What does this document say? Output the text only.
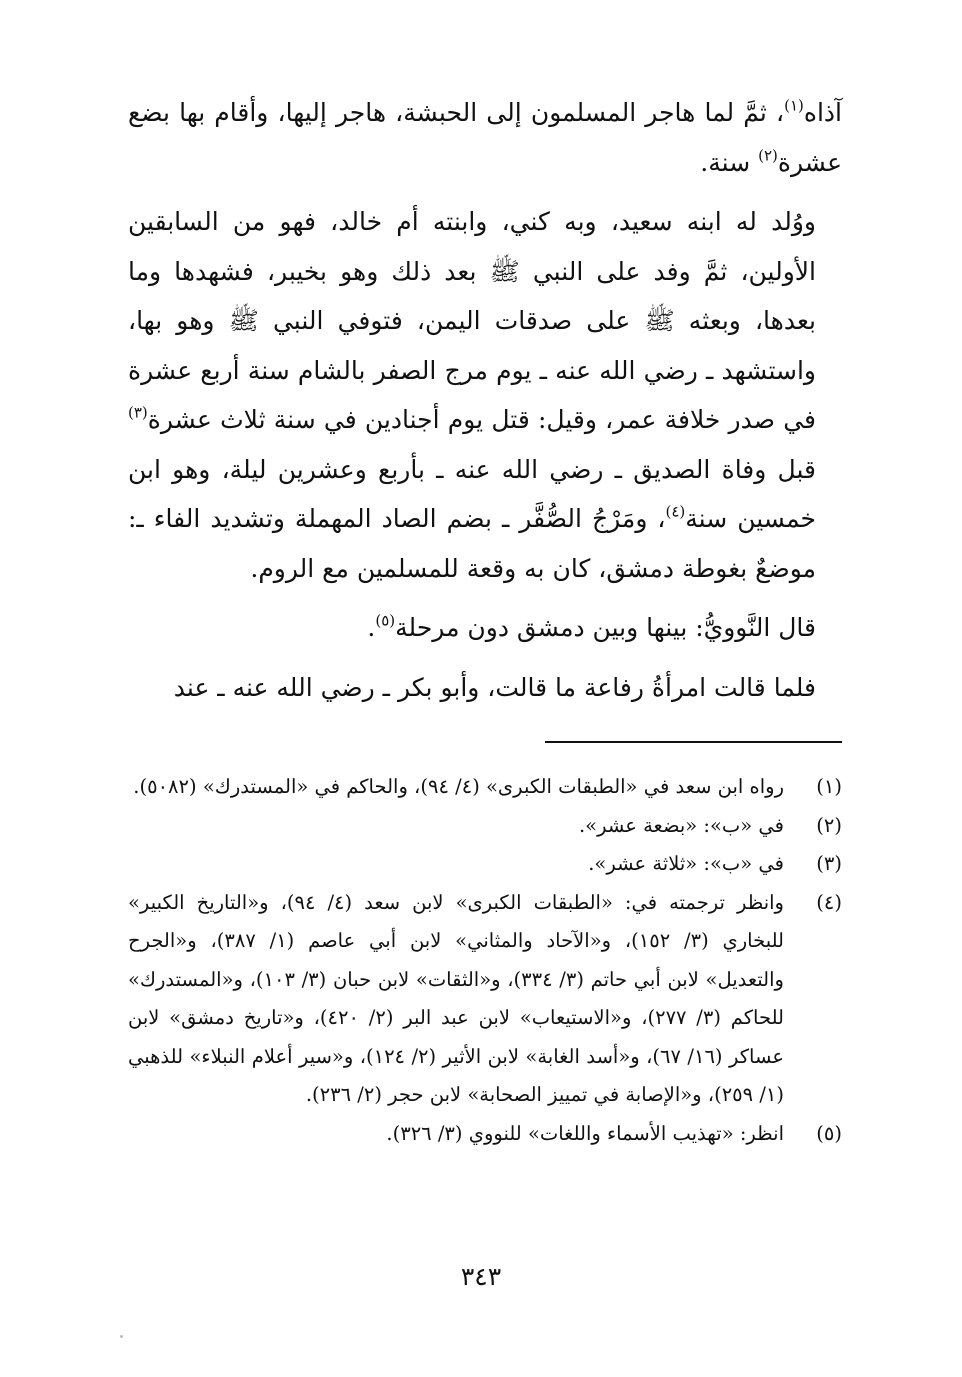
آذاه$^{(١)}$، ثمَّ لما هاجر المسلمون إلى الحبشة، هاجر إليها، وأقام بها بضع عشرة$^{(٢)}$ سنة.

ووُلد له ابنه سعيد، وبه كني، وابنته أم خالد، فهو من السابقين الأولين، ثمَّ وفد على النبي ﷺ بعد ذلك وهو بخيبر، فشهدها وما بعدها، وبعثه ﷺ على صدقات اليمن، فتوفي النبي ﷺ وهو بها، واستشهد ـ رضي الله عنه ـ يوم مرج الصفر بالشام سنة أربع عشرة في صدر خلافة عمر، وقيل: قتل يوم أجنادين في سنة ثلاث عشرة$^{(٣)}$ قبل وفاة الصديق ـ رضي الله عنه ـ بأربع وعشرين ليلة، وهو ابن خمسين سنة$^{(٤)}$، ومَرْجُ الصُّفَّر ـ بضم الصاد المهملة وتشديد الفاء ـ: موضعٌ بغوطة دمشق، كان به وقعة للمسلمين مع الروم.

قال النَّوويُّ: بينها وبين دمشق دون مرحلة$^{(٥)}$.

فلما قالت امرأةُ رفاعة ما قالت، وأبو بكر ـ رضي الله عنه ـ عند

(١)
رواه ابن سعد في «الطبقات الكبرى» (٤/ ٩٤)، والحاكم في «المستدرك» (٥٠٨٢).
(٢)
في «ب»: «بضعة عشر».
(٣)
في «ب»: «ثلاثة عشر».
(٤)
وانظر ترجمته في: «الطبقات الكبرى» لابن سعد (٤/ ٩٤)، و«التاريخ الكبير» للبخاري (٣/ ١٥٢)، و«الآحاد والمثاني» لابن أبي عاصم (١/ ٣٨٧)، و«الجرح والتعديل» لابن أبي حاتم (٣/ ٣٣٤)، و«الثقات» لابن حبان (٣/ ١٠٣)، و«المستدرك» للحاكم (٣/ ٢٧٧)، و«الاستيعاب» لابن عبد البر (٢/ ٤٢٠)، و«تاريخ دمشق» لابن عساكر (١٦/ ٦٧)، و«أسد الغابة» لابن الأثير (٢/ ١٢٤)، و«سير أعلام النبلاء» للذهبي (١/ ٢٥٩)، و«الإصابة في تمييز الصحابة» لابن حجر (٢/ ٢٣٦).
(٥)
انظر: «تهذيب الأسماء واللغات» للنووي (٣/ ٣٢٦).
٣٤٣
